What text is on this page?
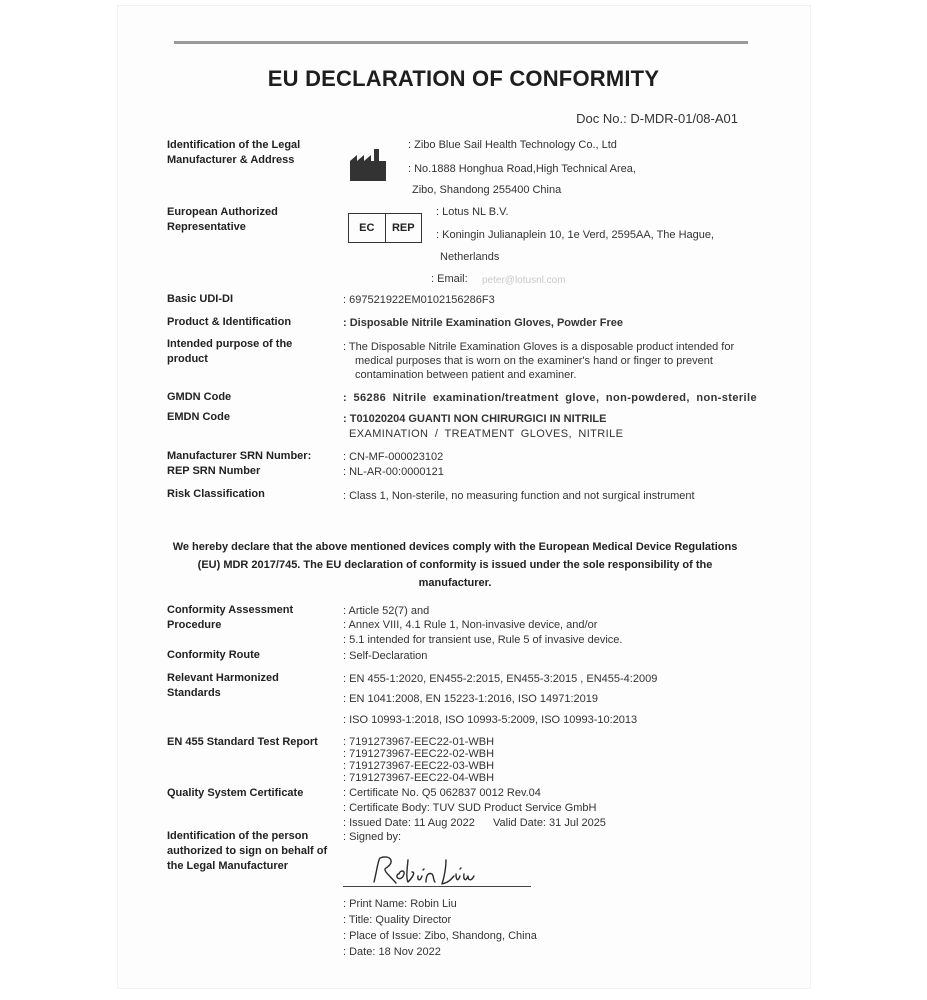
EU DECLARATION OF CONFORMITY
Doc No.: D-MDR-01/08-A01
Identification of the Legal Manufacturer & Address
: Zibo Blue Sail Health Technology Co., Ltd
: No.1888 Honghua Road,High Technical Area,
Zibo, Shandong 255400 China
European Authorized Representative	EC	REP
: Lotus NL B.V.
: Koningin Julianaplein 10, 1e Verd, 2595AA, The Hague,
Netherlands
: Email: peter@lotusnl.com
Basic UDI-DI	: 697521922EM0102156286F3
Product & Identification	: Disposable Nitrile Examination Gloves, Powder Free
Intended purpose of the product
: The Disposable Nitrile Examination Gloves is a disposable product intended for
medical purposes that is worn on the examiner's hand or finger to prevent
contamination between patient and examiner.
GMDN Code	: 56286 Nitrile examination/treatment glove, non-powdered, non-sterile
EMDN Code	: T01020204 GUANTI NON CHIRURGICI IN NITRILE
EXAMINATION / TREATMENT GLOVES, NITRILE
Manufacturer SRN Number:	: CN-MF-000023102
REP SRN Number	: NL-AR-00:0000121
Risk Classification	: Class 1, Non-sterile, no measuring function and not surgical instrument
We hereby declare that the above mentioned devices comply with the European Medical Device Regulations
(EU) MDR 2017/745. The EU declaration of conformity is issued under the sole responsibility of the
manufacturer.
Conformity Assessment Procedure
: Article 52(7) and
: Annex VIII, 4.1 Rule 1, Non-invasive device, and/or
: 5.1 intended for transient use, Rule 5 of invasive device.
Conformity Route	: Self-Declaration
Relevant Harmonized Standards
: EN 455-1:2020, EN455-2:2015, EN455-3:2015 , EN455-4:2009
: EN 1041:2008, EN 15223-1:2016, ISO 14971:2019
: ISO 10993-1:2018, ISO 10993-5:2009, ISO 10993-10:2013
EN 455 Standard Test Report : 7191273967-EEC22-01-WBH
: 7191273967-EEC22-02-WBH
: 7191273967-EEC22-03-WBH
: 7191273967-EEC22-04-WBH
Quality System Certificate	: Certificate No. Q5 062837 0012 Rev.04
: Certificate Body: TUV SUD Product Service GmbH
: Issued Date: 11 Aug 2022 Valid Date: 31 Jul 2025
Identification of the person authorized to sign on behalf of the Legal Manufacturer
: Signed by:
: Print Name: Robin Liu
: Title: Quality Director
: Place of Issue: Zibo, Shandong, China
: Date: 18 Nov 2022
